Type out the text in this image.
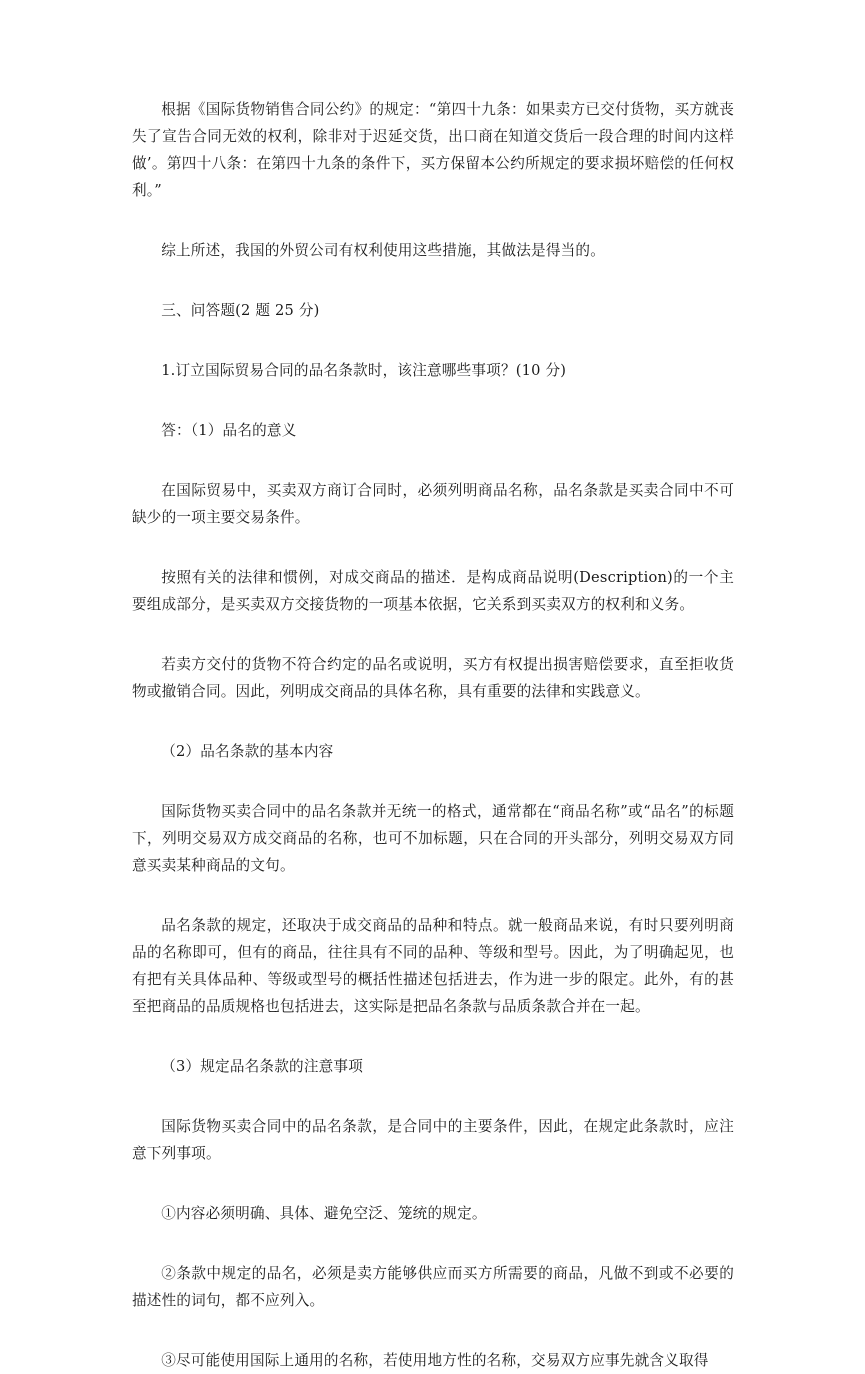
根据《国际货物销售合同公约》的规定：“第四十九条：如果卖方已交付货物，买方就丧失了宣告合同无效的权利，除非对于迟延交货，出口商在知道交货后一段合理的时间内这样做’。第四十八条：在第四十九条的条件下，买方保留本公约所规定的要求损坏赔偿的任何权利。”

综上所述，我国的外贸公司有权利使用这些措施，其做法是得当的。

三、问答题(2 题 25 分)

1.订立国际贸易合同的品名条款时，该注意哪些事项？(10 分)

答：（1）品名的意义

在国际贸易中，买卖双方商订合同时，必须列明商品名称，品名条款是买卖合同中不可缺少的一项主要交易条件。

按照有关的法律和惯例，对成交商品的描述．是构成商品说明(Description)的一个主要组成部分，是买卖双方交接货物的一项基本依据，它关系到买卖双方的权利和义务。

若卖方交付的货物不符合约定的品名或说明，买方有权提出损害赔偿要求，直至拒收货物或撤销合同。因此，列明成交商品的具体名称，具有重要的法律和实践意义。

（2）品名条款的基本内容

国际货物买卖合同中的品名条款并无统一的格式，通常都在“商品名称”或“品名”的标题下，列明交易双方成交商品的名称，也可不加标题，只在合同的开头部分，列明交易双方同意买卖某种商品的文句。

品名条款的规定，还取决于成交商品的品种和特点。就一般商品来说，有时只要列明商品的名称即可，但有的商品，往往具有不同的品种、等级和型号。因此，为了明确起见，也有把有关具体品种、等级或型号的概括性描述包括进去，作为进一步的限定。此外，有的甚至把商品的品质规格也包括进去，这实际是把品名条款与品质条款合并在一起。

（3）规定品名条款的注意事项

国际货物买卖合同中的品名条款，是合同中的主要条件，因此，在规定此条款时，应注意下列事项。

①内容必须明确、具体、避免空泛、笼统的规定。

②条款中规定的品名，必须是卖方能够供应而买方所需要的商品，凡做不到或不必要的描述性的词句，都不应列入。

③尽可能使用国际上通用的名称，若使用地方性的名称，交易双方应事先就含义取得
